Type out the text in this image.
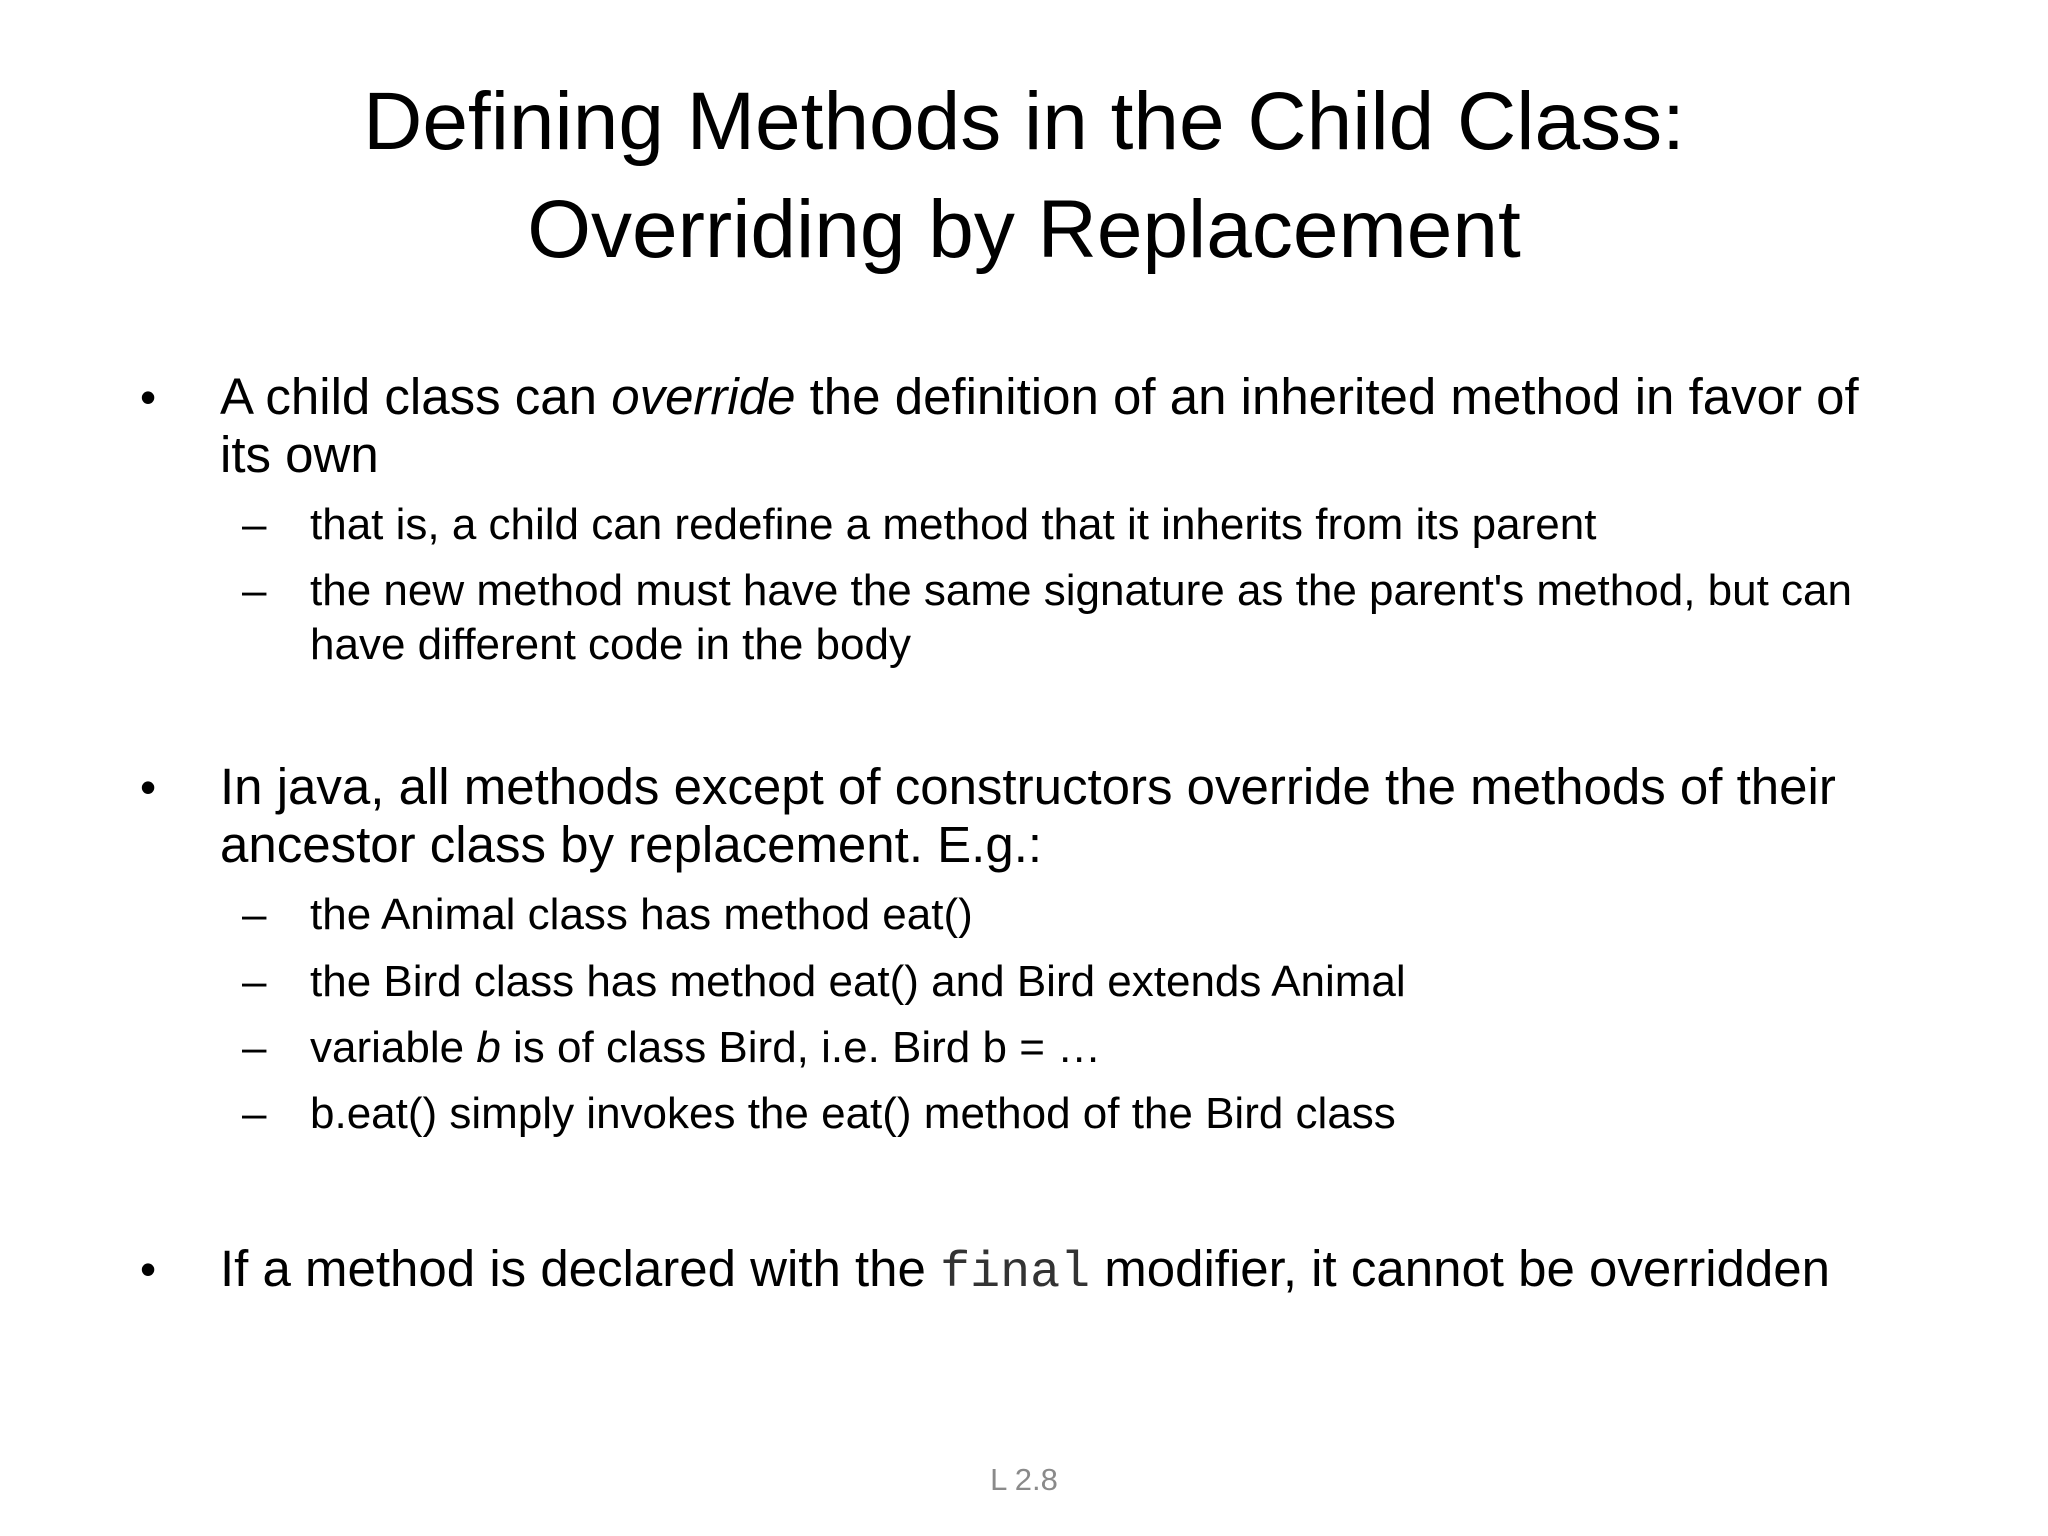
Defining Methods in the Child Class:
Overriding by Replacement
• A child class can override the definition of an inherited method in favor of its own
– that is, a child can redefine a method that it inherits from its parent
– the new method must have the same signature as the parent's method, but can have different code in the body
• In java, all methods except of constructors override the methods of their ancestor class by replacement. E.g.:
– the Animal class has method eat()
– the Bird class has method eat() and Bird extends Animal
– variable b is of class Bird, i.e. Bird b = …
– b.eat() simply invokes the eat() method of the Bird class
• If a method is declared with the final modifier, it cannot be overridden
L 2.8
